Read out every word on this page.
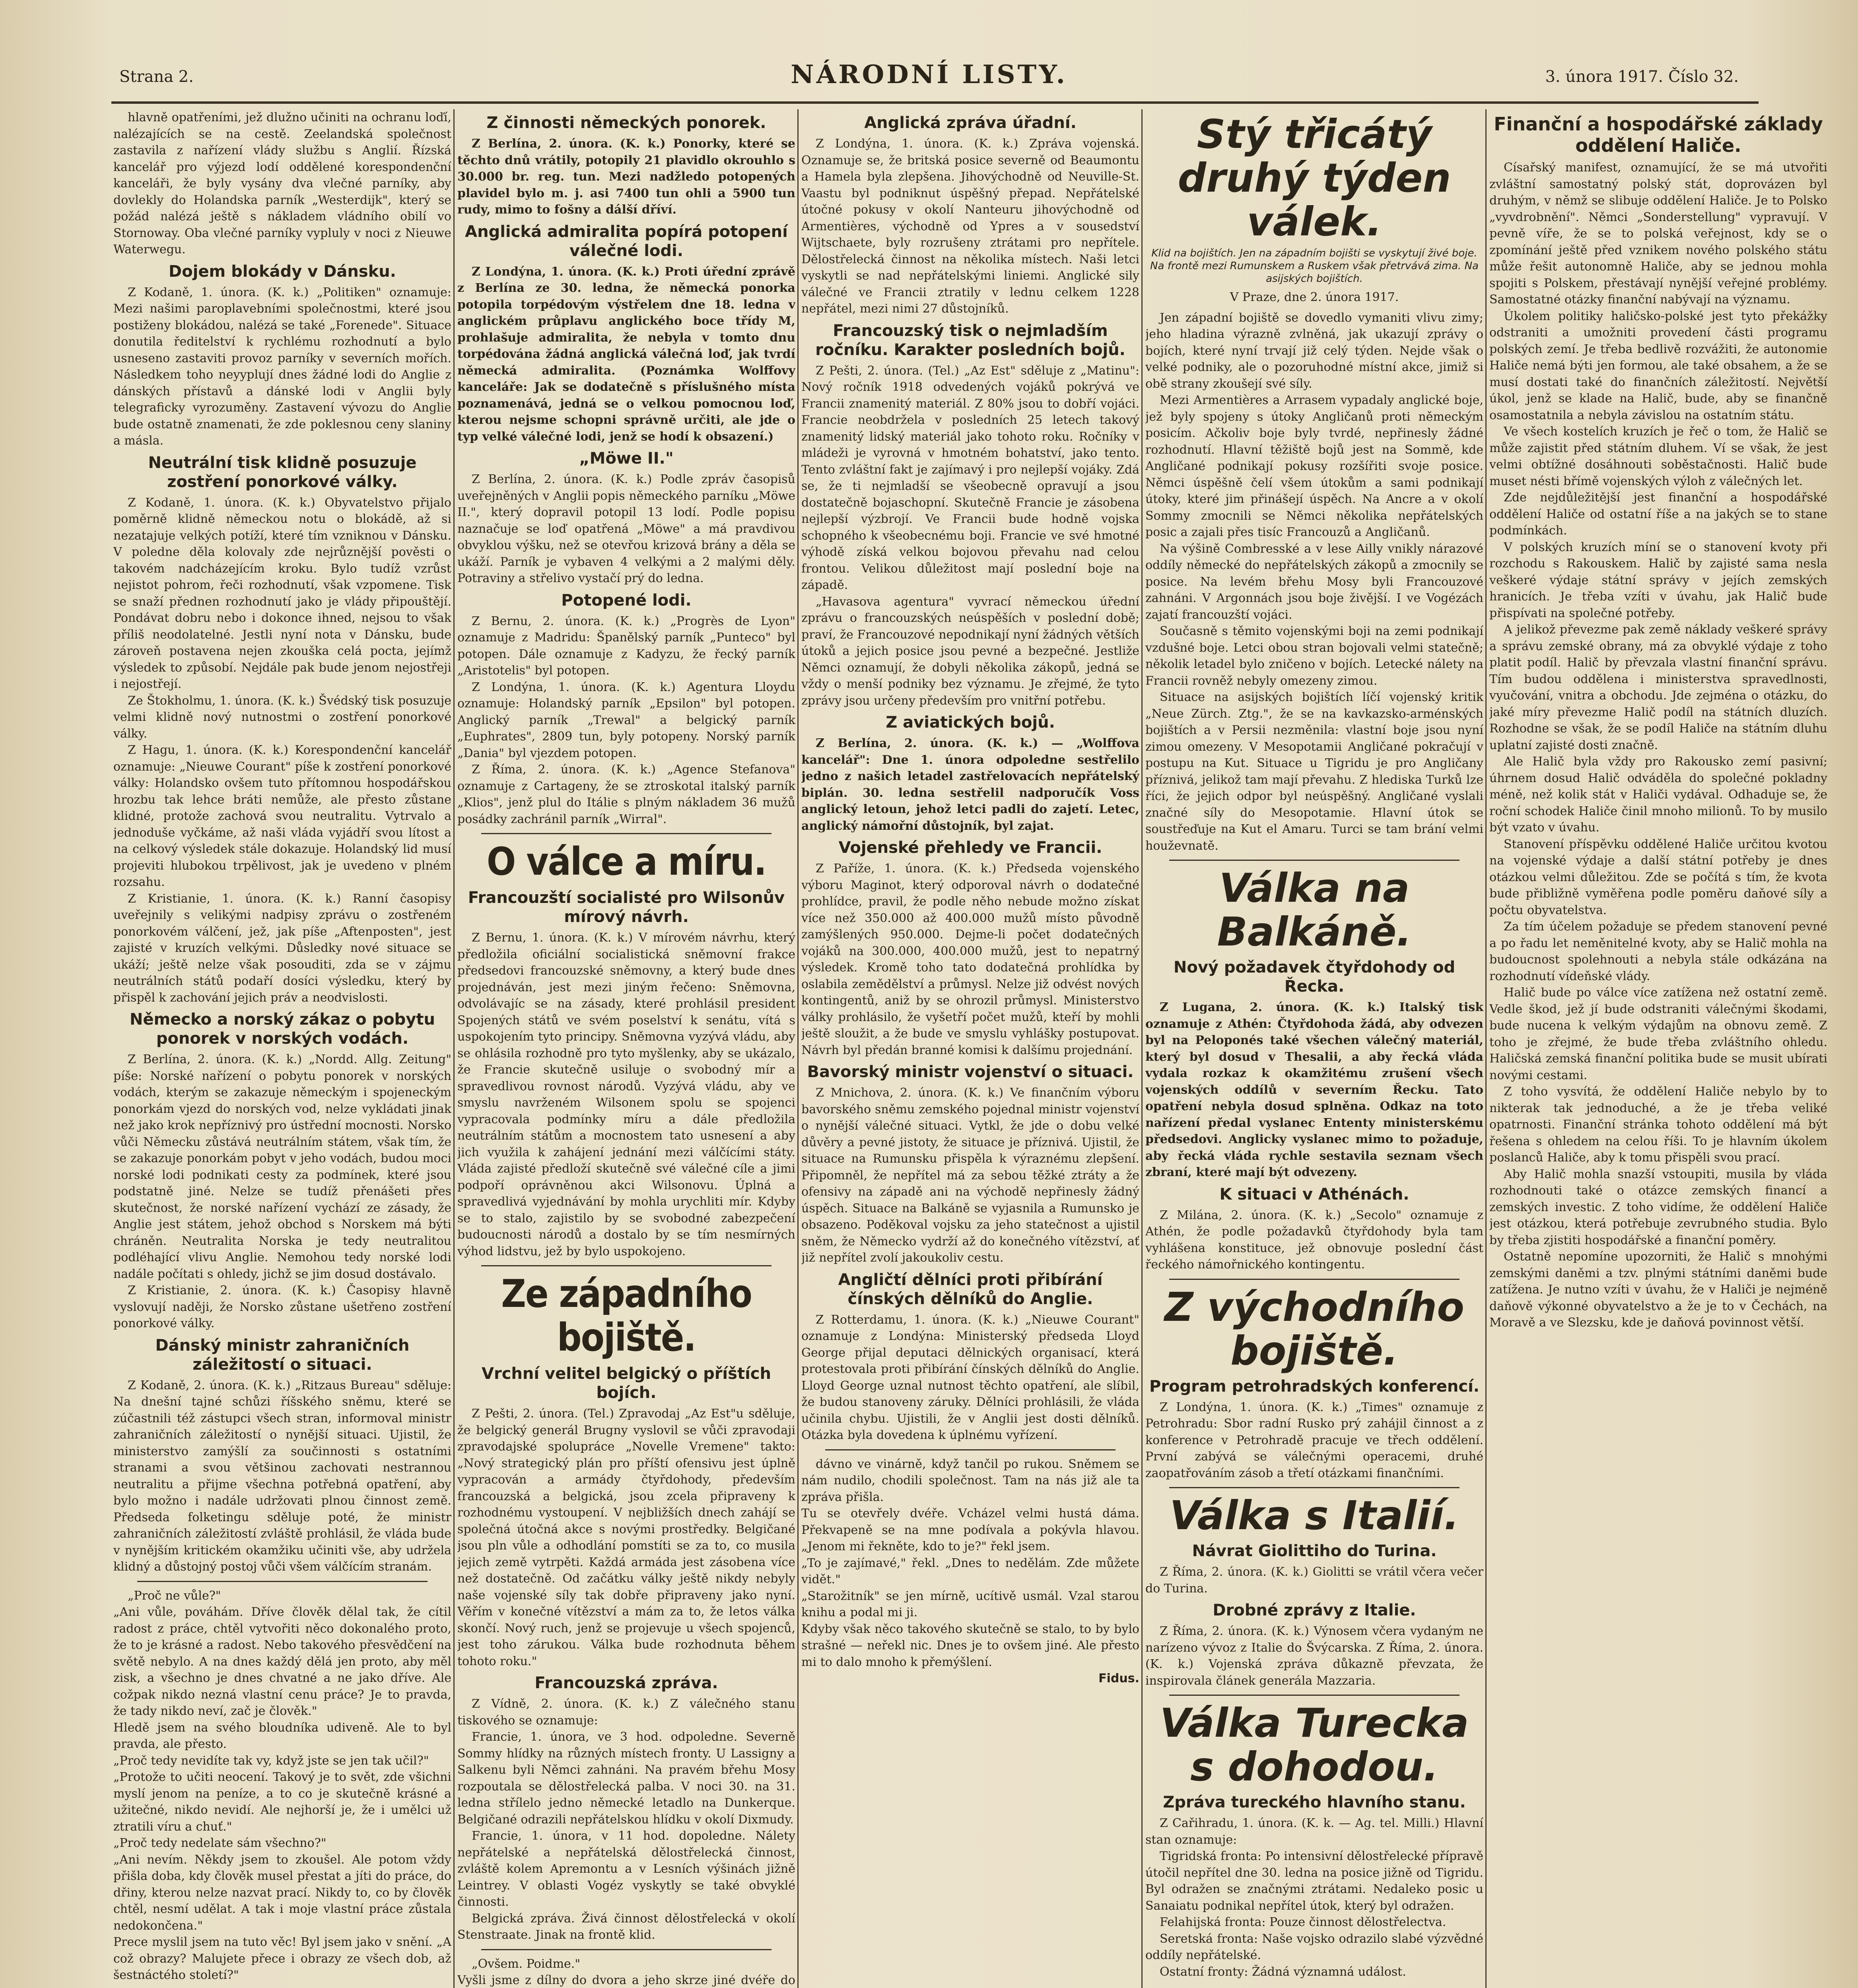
Strana 2.	NÁRODNÍ LISTY.	3. února 1917. Číslo 32.

hlavně opatřeními, jež dlužno učiniti na ochranu loďí, nalézajících se na cestě. Zeelandská společnost zastavila z nařízení vlády službu s Anglií. Řízská kancelář pro výjezd lodí oddělené korespondenční kanceláři, že byly vysány dva vlečné parníky, aby dovlekly do Holandska parník „Westerdijk", který se požád nalézá ještě s nákladem vládního obilí vo Stornoway. Oba vlečné parníky vypluly v noci z Nieuwe Waterwegu.

Dojem blokády v Dánsku.

Z Kodaně, 1. února. (K. k.) „Politiken" oznamuje: Mezi našimi paroplavebními společnostmi, které jsou postiženy blokádou, nalézá se také „Forenede". Situace donutila ředitelství k rychlému rozhodnutí a bylo usneseno zastaviti provoz parníky v severních mořích. Následkem toho neyyplují dnes žádné lodi do Anglie z dánských přístavů a dánské lodi v Anglii byly telegraficky vyrozuměny. Zastavení vývozu do Anglie bude ostatně znamenati, že zde poklesnou ceny slaniny a másla.

Neutrální tisk klidně posuzuje zostření ponorkové války.

Z Kodaně, 1. února. (K. k.) Obyvatelstvo přijalo poměrně klidně německou notu o blokádě, až si nezatajuje velkých potíží, které tím vzniknou v Dánsku. V poledne děla kolovaly zde nejrůznější pověsti o takovém nadcházejícím kroku. Bylo tudíž vzrůst nejistot pohrom, řeči rozhodnutí, však vzpomene. Tisk se snaží přednen rozhodnutí jako je vlády připouštějí. Pondávat dobru nebo i dokonce ihned, nejsou to však příliš neodolatelné. Jestli nyní nota v Dánsku, bude zároveň postavena nejen zkouška celá pocta, jejímž výsledek to způsobí. Nejdále pak bude jenom nejostřeji i nejostřejí.

Ze Štokholmu, 1. února. (K. k.) Švédský tisk posuzuje velmi klidně nový nutnostmi o zostření ponorkové války.

Z Hagu, 1. února. (K. k.) Korespondenční kancelář oznamuje: „Nieuwe Courant" píše k zostření ponorkové války: Holandsko ovšem tuto přítomnou hospodářskou hrozbu tak lehce bráti nemůže, ale přesto zůstane klidné, protože zachová svou neutralitu. Vytrvalo a jednoduše vyčkáme, až naši vláda vyjádří svou lítost a na celkový výsledek stále dokazuje. Holandský lid musí projeviti hlubokou trpělivost, jak je uvedeno v plném rozsahu.

Z Kristianie, 1. února. (K. k.) Ranní časopisy uveřejnily s velikými nadpisy zprávu o zostřeném ponorkovém válčení, jež, jak píše „Aftenposten", jest zajisté v kruzích velkými. Důsledky nové situace se ukáží; ještě nelze však posouditi, zda se v zájmu neutrálních států podaří dosíci výsledku, který by přispěl k zachování jejich práv a neodvislosti.

Německo a norský zákaz o pobytu ponorek v norských vodách.

Z Berlína, 2. února. (K. k.) „Nordd. Allg. Zeitung" píše: Norské nařízení o pobytu ponorek v norských vodách, kterým se zakazuje německým i spojeneckým ponorkám vjezd do norských vod, nelze vykládati jinak než jako krok nepříznivý pro ústřední mocnosti. Norsko vůči Německu zůstává neutrálním státem, však tím, že se zakazuje ponorkám pobyt v jeho vodách, budou moci norské lodi podnikati cesty za podmínek, které jsou podstatně jiné. Nelze se tudíž přenášeti přes skutečnost, že norské nařízení vychází ze zásady, že Anglie jest státem, jehož obchod s Norskem má býti chráněn. Neutralita Norska je tedy neutralitou podléhající vlivu Anglie. Nemohou tedy norské lodi nadále počítati s ohledy, jichž se jim dosud dostávalo.

Z Kristianie, 2. února. (K. k.) Časopisy hlavně vyslovují naději, že Norsko zůstane ušetřeno zostření ponorkové války.

Dánský ministr zahraničních záležitostí o situaci.

Z Kodaně, 2. února. (K. k.) „Ritzaus Bureau" sděluje: Na dnešní tajné schůzi říšského sněmu, které se zúčastnili též zástupci všech stran, informoval ministr zahraničních záležitostí o nynější situaci. Ujistil, že ministerstvo zamýšlí za součinnosti s ostatními stranami a svou většinou zachovati nestrannou neutralitu a přijme všechna potřebná opatření, aby bylo možno i nadále udržovati plnou činnost země. Předseda folketingu sděluje poté, že ministr zahraničních záležitostí zvláště prohlásil, že vláda bude v nynějším kritickém okamžiku učiniti vše, aby udržela klidný a důstojný postoj vůči všem válčícím stranám.

„Proč ne vůle?"
„Ani vůle, pováhám. Dříve člověk dělal tak, že cítil radost z práce, chtěl vytvořiti něco dokonalého proto, že to je krásné a radost. Nebo takového přesvědčení na světě nebylo. A na dnes každý dělá jen proto, aby měl zisk, a všechno je dnes chvatné a ne jako dříve. Ale cožpak nikdo nezná vlastní cenu práce? Je to pravda, že tady nikdo neví, zač je člověk."
Hledě jsem na svého bloudníka udiveně. Ale to byl pravda, ale přesto.
„Proč tedy nevidíte tak vy, když jste se jen tak učil?"
„Protože to učiti neocení. Takový je to svět, zde všichni myslí jenom na peníze, a to co je skutečně krásné a užitečné, nikdo nevidí. Ale nejhorší je, že i umělci už ztratili víru a chuť."
„Proč tedy nedelate sám všechno?"
„Ani nevím. Někdy jsem to zkoušel. Ale potom vždy přišla doba, kdy člověk musel přestat a jíti do práce, do dřiny, kterou nelze nazvat prací. Nikdy to, co by člověk chtěl, nesmí udělat. A tak i moje vlastní práce zůstala nedokončena."
Prece myslil jsem na tuto věc! Byl jsem jako v snění. „A což obrazy? Malujete přece i obrazy ze všech dob, až šestnáctého století?"

Z činnosti německých ponorek.

Z Berlína, 2. února. (K. k.) Ponorky, které se těchto dnů vrátily, potopily 21 plavidlo okrouhlo s 30.000 br. reg. tun. Mezi nadžledo potopených plavidel bylo m. j. asi 7400 tun ohli a 5900 tun rudy, mimo to fošny a dálší dříví.

Anglická admiralita popírá potopení válečné lodi.

Z Londýna, 1. února. (K. k.) Proti úřední zprávě z Berlína ze 30. ledna, že německá ponorka potopila torpédovým výstřelem dne 18. ledna v anglickém průplavu anglického boce třídy M, prohlašuje admiralita, že nebyla v tomto dnu torpédována žádná anglická válečná loď, jak tvrdí německá admiralita. (Poznámka Wolffovy kanceláře: Jak se dodatečně s příslušného místa poznamenává, jedná se o velkou pomocnou loď, kterou nejsme schopni správně určiti, ale jde o typ velké válečné lodi, jenž se hodí k obsazení.)

„Möwe II."

Z Berlína, 2. února. (K. k.) Podle zpráv časopisů uveřejněných v Anglii popis německého parníku „Möwe II.", který dopravil potopil 13 lodí. Podle popisu naznačuje se loď opatřená „Möwe" a má pravdivou obvyklou výšku, než se otevřou krizová brány a děla se ukáží. Parník je vybaven 4 velkými a 2 malými děly. Potraviny a střelivo vystačí prý do ledna.

Potopené lodi.

Z Bernu, 2. února. (K. k.) „Progrès de Lyon" oznamuje z Madridu: Španělský parník „Punteco" byl potopen. Dále oznamuje z Kadyzu, že řecký parník „Aristotelis" byl potopen.

Z Londýna, 1. února. (K. k.) Agentura Lloydu oznamuje: Holandský parník „Epsilon" byl potopen. Anglický parník „Trewal" a belgický parník „Euphrates", 2809 tun, byly potopeny. Norský parník „Dania" byl vjezdem potopen.

Z Říma, 2. února. (K. k.) „Agence Stefanova" oznamuje z Cartageny, že se ztroskotal italský parník „Klios", jenž plul do Itálie s plným nákladem 36 mužů posádky zachránil parník „Wirral".

O válce a míru.
Francouzští socialisté pro Wilsonův mírový návrh.

Z Bernu, 1. února. (K. k.) V mírovém návrhu, který předložila oficiální socialistická sněmovní frakce předsedovi francouzské sněmovny, a který bude dnes projednáván, jest mezi jiným řečeno: Sněmovna, odvolávajíc se na zásady, které prohlásil president Spojených států ve svém poselství k senátu, vítá s uspokojením tyto principy. Sněmovna vyzývá vládu, aby se ohlásila rozhodně pro tyto myšlenky, aby se ukázalo, že Francie skutečně usiluje o svobodný mír a spravedlivou rovnost národů. Vyzývá vládu, aby ve smyslu navrženém Wilsonem spolu se spojenci vypracovala podmínky míru a dále předložila neutrálním státům a mocnostem tato usnesení a aby jich využila k zahájení jednání mezi válčícími státy. Vláda zajisté předloží skutečně své válečné cíle a jimi podpoří oprávněnou akci Wilsonovu. Úplná a spravedlivá vyjednávání by mohla urychliti mír. Kdyby se to stalo, zajistilo by se svobodné zabezpečení budoucnosti národů a dostalo by se tím nesmírných výhod lidstvu, jež by bylo uspokojeno.

Ze západního bojiště.
Vrchní velitel belgický o příštích bojích.

Z Pešti, 2. února. (Tel.) Zpravodaj „Az Est"u sděluje, že belgický generál Brugny vyslovil se vůči zpravodaji zpravodajské spolupráce „Novelle Vremene" takto: „Nový strategický plán pro příští ofensivu jest úplně vypracován a armády čtyřdohody, především francouzská a belgická, jsou zcela připraveny k rozhodnému vystoupení. V nejbližších dnech zahájí se společná útočná akce s novými prostředky. Belgičané jsou pln vůle a odhodlání pomstíti se za to, co musila jejich země vytrpěti. Každá armáda jest zásobena více než dostatečně. Od začátku války ještě nikdy nebyly naše vojenské síly tak dobře připraveny jako nyní. Věřím v konečné vítězství a mám za to, že letos válka skončí. Nový ruch, jenž se projevuje u všech spojenců, jest toho zárukou. Válka bude rozhodnuta během tohoto roku."

Francouzská zpráva.

Z Vídně, 2. února. (K. k.) Z válečného stanu tiskového se oznamuje:

Francie, 1. února, ve 3 hod. odpoledne. Severně Sommy hlídky na různých místech fronty. U Lassigny a Salkenu byli Němci zahnáni. Na pravém břehu Mosy rozpoutala se dělostřelecká palba. V noci 30. na 31. ledna střílelo jedno německé letadlo na Dunkerque. Belgičané odrazili nepřátelskou hlídku v okolí Dixmudy.

Francie, 1. února, v 11 hod. dopoledne. Nálety nepřátelské a nepřátelská dělostřelecká činnost, zvláště kolem Apremontu a v Lesních výšinách jižně Leintrey. V oblasti Vogéz vyskytly se také obvyklé činnosti.

Belgická zpráva. Živá činnost dělostřelecká v okolí Stenstraate. Jinak na frontě klid.

„Ovšem. Poidme."
Vyšli jsme z dílny do dvora a jeho skrze jiné dvéře do

Anglická zpráva úřadní.

Z Londýna, 1. února. (K. k.) Zpráva vojenská. Oznamuje se, že britská posice severně od Beaumontu a Hamela byla zlepšena. Jihovýchodně od Neuville-St. Vaastu byl podniknut úspěšný přepad. Nepřátelské útočné pokusy v okolí Nanteuru jihovýchodně od Armentières, východně od Ypres a v sousedství Wijtschaete, byly rozrušeny ztrátami pro nepřítele. Dělostřelecká činnost na několika místech. Naši letci vyskytli se nad nepřátelskými liniemi. Anglické sily válečné ve Francii ztratily v lednu celkem 1228 nepřátel, mezi nimi 27 důstojníků.

Francouzský tisk o nejmladším ročníku. Karakter posledních bojů.

Z Pešti, 2. února. (Tel.) „Az Est" sděluje z „Matinu": Nový ročník 1918 odvedených vojáků pokrývá ve Francii znamenitý materiál. Z 80% jsou to dobří vojáci. Francie neobdržela v posledních 25 letech takový znamenitý lidský materiál jako tohoto roku. Ročníky v mládeži je vyrovná v hmotném bohatství, jako tento. Tento zvláštní fakt je zajímavý i pro nejlepší vojáky. Zdá se, že ti nejmladší se všeobecně opravují a jsou dostatečně bojaschopní. Skutečně Francie je zásobena nejlepší výzbrojí. Ve Francii bude hodně vojska schopného k všeobecnému boji. Francie ve své hmotné výhodě získá velkou bojovou převahu nad celou frontou. Velikou důležitost mají poslední boje na západě.

„Havasova agentura" vyvrací německou úřední zprávu o francouzských neúspěších v poslední době; praví, že Francouzové nepodnikají nyní žádných větších útoků a jejich posice jsou pevné a bezpečné. Jestliže Němci oznamují, že dobyli několika zákopů, jedná se vždy o menší podniky bez významu. Je zřejmé, že tyto zprávy jsou určeny především pro vnitřní potřebu.

Z aviatických bojů.

Z Berlína, 2. února. (K. k.) — „Wolffova kancelář": Dne 1. února odpoledne sestřelilo jedno z našich letadel zastřelovacích nepřátelský biplán. 30. ledna sestřelil nadporučík Voss anglický letoun, jehož letci padli do zajetí. Letec, anglický námořní důstojník, byl zajat.

Vojenské přehledy ve Francii.

Z Paříže, 1. února. (K. k.) Předseda vojenského výboru Maginot, který odporoval návrh o dodatečné prohlídce, pravil, že podle něho nebude možno získat více než 350.000 až 400.000 mužů místo původně zamýšlených 950.000. Dejme-li počet dodatečných vojáků na 300.000, 400.000 mužů, jest to nepatrný výsledek. Kromě toho tato dodatečná prohlídka by oslabila zemědělství a průmysl. Nelze již odvést nových kontingentů, aniž by se ohrozil průmysl. Ministerstvo války prohlásilo, že vyšetří počet mužů, kteří by mohli ještě sloužit, a že bude ve smyslu vyhlášky postupovat. Návrh byl předán branné komisi k dalšímu projednání.

Bavorský ministr vojenství o situaci.

Z Mnichova, 2. února. (K. k.) Ve finančním výboru bavorského sněmu zemského pojednal ministr vojenství o nynější válečné situaci. Vytkl, že jde o dobu velké důvěry a pevné jistoty, že situace je příznivá. Ujistil, že situace na Rumunsku přispěla k výraznému zlepšení. Připomněl, že nepřítel má za sebou těžké ztráty a že ofensivy na západě ani na východě nepřinesly žádný úspěch. Situace na Balkáně se vyjasnila a Rumunsko je obsazeno. Poděkoval vojsku za jeho statečnost a ujistil sněm, že Německo vydrží až do konečného vítězství, ať již nepřítel zvolí jakoukoliv cestu.

Angličtí dělníci proti přibírání čínských dělníků do Anglie.

Z Rotterdamu, 1. února. (K. k.) „Nieuwe Courant" oznamuje z Londýna: Ministerský předseda Lloyd George přijal deputaci dělnických organisací, která protestovala proti přibírání čínských dělníků do Anglie. Lloyd George uznal nutnost těchto opatření, ale slíbil, že budou stanoveny záruky. Dělníci prohlásili, že vláda učinila chybu. Ujistili, že v Anglii jest dosti dělníků. Otázka byla dovedena k úplnému vyřízení.

dávno ve vinárně, když tančil po rukou. Sněmem se nám nudilo, chodili společnost. Tam na nás již ale ta zpráva přišla.
Tu se otevřely dvéře. Vcházel velmi hustá dáma. Překvapeně se na mne podívala a pokývla hlavou. „Jenom mi řekněte, kdo to je?" řekl jsem.
„To je zajímavé," řekl. „Dnes to nedělám. Zde můžete vidět."
„Starožitník" se jen mírně, ucítivě usmál. Vzal starou knihu a podal mi ji.
Kdyby však něco takového skutečně se stalo, to by bylo strašné — neřekl nic. Dnes je to ovšem jiné. Ale přesto mi to dalo mnoho k přemýšlení.

Fidus.
Stý třicátý druhý týden válek.
Klid na bojištích. Jen na západním bojišti se vyskytují živé boje. Na frontě mezi Rumunskem a Ruskem však přetrvává zima. Na asijských bojištích.
V Praze, dne 2. února 1917.

Jen západní bojiště se dovedlo vymaniti vlivu zimy; jeho hladina výrazně zvlněná, jak ukazují zprávy o bojích, které nyní trvají již celý týden. Nejde však o velké podniky, ale o pozoruhodné místní akce, jimiž si obě strany zkoušejí své síly.

Mezi Armentières a Arrasem vypadaly anglické boje, jež byly spojeny s útoky Angličanů proti německým posicím. Ačkoliv boje byly tvrdé, nepřinesly žádné rozhodnutí. Hlavní těžiště bojů jest na Sommě, kde Angličané podnikají pokusy rozšířiti svoje posice. Němci úspěšně čelí všem útokům a sami podnikají útoky, které jim přinášejí úspěch. Na Ancre a v okolí Sommy zmocnili se Němci několika nepřátelských posic a zajali přes tisíc Francouzů a Angličanů.

Na výšině Combresské a v lese Ailly vnikly nárazové oddíly německé do nepřátelských zákopů a zmocnily se posice. Na levém břehu Mosy byli Francouzové zahnáni. V Argonnách jsou boje živější. I ve Vogézách zajatí francouzští vojáci.

Současně s těmito vojenskými boji na zemi podnikají vzdušné boje. Letci obou stran bojovali velmi statečně; několik letadel bylo zničeno v bojích. Letecké nálety na Francii rovněž nebyly omezeny zimou.

Situace na asijských bojištích líčí vojenský kritik „Neue Zürch. Ztg.", že se na kavkazsko-arménských bojištích a v Persii nezměnila: vlastní boje jsou nyní zimou omezeny. V Mesopotamii Angličané pokračují v postupu na Kut. Situace u Tigridu je pro Angličany příznivá, jelikož tam mají převahu. Z hlediska Turků lze říci, že jejich odpor byl neúspěšný. Angličané vyslali značné síly do Mesopotamie. Hlavní útok se soustřeďuje na Kut el Amaru. Turci se tam brání velmi houževnatě.

Válka na Balkáně.
Nový požadavek čtyřdohody od Řecka.

Z Lugana, 2. února. (K. k.) Italský tisk oznamuje z Athén: Čtyřdohoda žádá, aby odvezen byl na Peloponés také všechen válečný materiál, který byl dosud v Thesalii, a aby řecká vláda vydala rozkaz k okamžitému zrušení všech vojenských oddílů v severním Řecku. Tato opatření nebyla dosud splněna. Odkaz na toto nařízení předal vyslanec Ententy ministerskému předsedovi. Anglicky vyslanec mimo to požaduje, aby řecká vláda rychle sestavila seznam všech zbraní, které mají být odvezeny.

K situaci v Athénách.

Z Milána, 2. února. (K. k.) „Secolo" oznamuje z Athén, že podle požadavků čtyřdohody byla tam vyhlášena konstituce, jež obnovuje poslední část řeckého námořnického kontingentu.

Z východního bojiště.
Program petrohradských konferencí.

Z Londýna, 1. února. (K. k.) „Times" oznamuje z Petrohradu: Sbor radní Rusko prý zahájil činnost a z konference v Petrohradě pracuje ve třech oddělení. První zabývá se válečnými operacemi, druhé zaopatřováním zásob a třetí otázkami finančními.

Válka s Italií.
Návrat Giolittiho do Turina.

Z Říma, 2. února. (K. k.) Giolitti se vrátil včera večer do Turina.

Drobné zprávy z Italie.

Z Říma, 2. února. (K. k.) Výnosem včera vydaným ne narízeno vývoz z Italie do Švýcarska. Z Říma, 2. února. (K. k.) Vojenská zpráva důkazně převzata, že inspirovala článek generála Mazzaria.

Válka Turecka s dohodou.
Zpráva tureckého hlavního stanu.

Z Cařihradu, 1. února. (K. k. — Ag. tel. Milli.) Hlavní stan oznamuje:

Tigridská fronta: Po intensivní dělostřelecké přípravě útočil nepřítel dne 30. ledna na posice jižně od Tigridu. Byl odražen se značnými ztrátami. Nedaleko posic u Sanaiatu podnikal nepřítel útok, který byl odražen.

Felahijská fronta: Pouze činnost dělostřelectva.

Seretská fronta: Naše vojsko odrazilo slabé výzvědné oddíly nepřátelské.

Ostatní fronty: Žádná významná událost.

Finanční a hospodářské základy oddělení Haliče.

Císařský manifest, oznamující, že se má utvořiti zvláštní samostatný polský stát, doprovázen byl druhým, v němž se slibuje oddělení Haliče. Je to Polsko „vyvdrobnění". Němci „Sonderstellung" vypravují. V pevně víře, že se to polská veřejnost, kdy se o zpomínání ještě před vznikem nového polského státu může řešit autonomně Haliče, aby se jednou mohla spojiti s Polskem, přestávají nynější veřejné problémy. Samostatné otázky finanční nabývají na významu.

Úkolem politiky haličsko-polské jest tyto překážky odstraniti a umožniti provedení části programu polských zemí. Je třeba bedlivě rozvážiti, že autonomie Haliče nemá býti jen formou, ale také obsahem, a že se musí dostati také do finančních záležitostí. Největší úkol, jenž se klade na Halič, bude, aby se finančně osamostatnila a nebyla závislou na ostatním státu.

Ve všech kostelích kruzích je řeč o tom, že Halič se může zajistit před státním dluhem. Ví se však, že jest velmi obtížné dosáhnouti soběstačnosti. Halič bude muset nésti břímě vojenských výloh z válečných let.

Zde nejdůležitější jest finanční a hospodářské oddělení Haliče od ostatní říše a na jakých se to stane podmínkách.

V polských kruzích míní se o stanovení kvoty při rozchodu s Rakouskem. Halič by zajisté sama nesla veškeré výdaje státní správy v jejích zemských hranicích. Je třeba vzíti v úvahu, jak Halič bude přispívati na společné potřeby.

A jelikož převezme pak země náklady veškeré správy a správu zemské obrany, má za obvyklé výdaje z toho platit podíl. Halič by převzala vlastní finanční správu. Tím budou oddělena i ministerstva spravedlnosti, vyučování, vnitra a obchodu. Jde zejména o otázku, do jaké míry převezme Halič podíl na státních dluzích. Rozhodne se však, že se podíl Haliče na státním dluhu uplatní zajisté dosti značně.

Ale Halič byla vždy pro Rakousko zemí pasivní; úhrnem dosud Halič odváděla do společné pokladny méně, než kolik stát v Haliči vydával. Odhaduje se, že roční schodek Haliče činil mnoho milionů. To by musilo být vzato v úvahu.

Stanovení příspěvku oddělené Haliče určitou kvotou na vojenské výdaje a další státní potřeby je dnes otázkou velmi důležitou. Zde se počítá s tím, že kvota bude přibližně vyměřena podle poměru daňové síly a počtu obyvatelstva.

Za tím účelem požaduje se předem stanovení pevné a po řadu let neměnitelné kvoty, aby se Halič mohla na budoucnost spolehnouti a nebyla stále odkázána na rozhodnutí vídeňské vlády.

Halič bude po válce více zatížena než ostatní země. Vedle škod, jež jí bude odstraniti válečnými škodami, bude nucena k velkým výdajům na obnovu země. Z toho je zřejmé, že bude třeba zvláštního ohledu. Haličská zemská finanční politika bude se musit ubírati novými cestami.

Z toho vysvítá, že oddělení Haliče nebylo by to nikterak tak jednoduché, a že je třeba veliké opatrnosti. Finanční stránka tohoto oddělení má být řešena s ohledem na celou říši. To je hlavním úkolem poslanců Haliče, aby k tomu přispěli svou prací.

Aby Halič mohla snazší vstoupiti, musila by vláda rozhodnouti také o otázce zemských financí a zemských investic. Z toho vidíme, že oddělení Haliče jest otázkou, která potřebuje zevrubného studia. Bylo by třeba zjistiti hospodářské a finanční poměry.

Ostatně nepomíne upozorniti, že Halič s mnohými zemskými daněmi a tzv. plnými státními daněmi bude zatížena. Je nutno vzíti v úvahu, že v Haliči je nejméně daňově výkonné obyvatelstvo a že je to v Čechách, na Moravě a ve Slezsku, kde je daňová povinnost větší.
